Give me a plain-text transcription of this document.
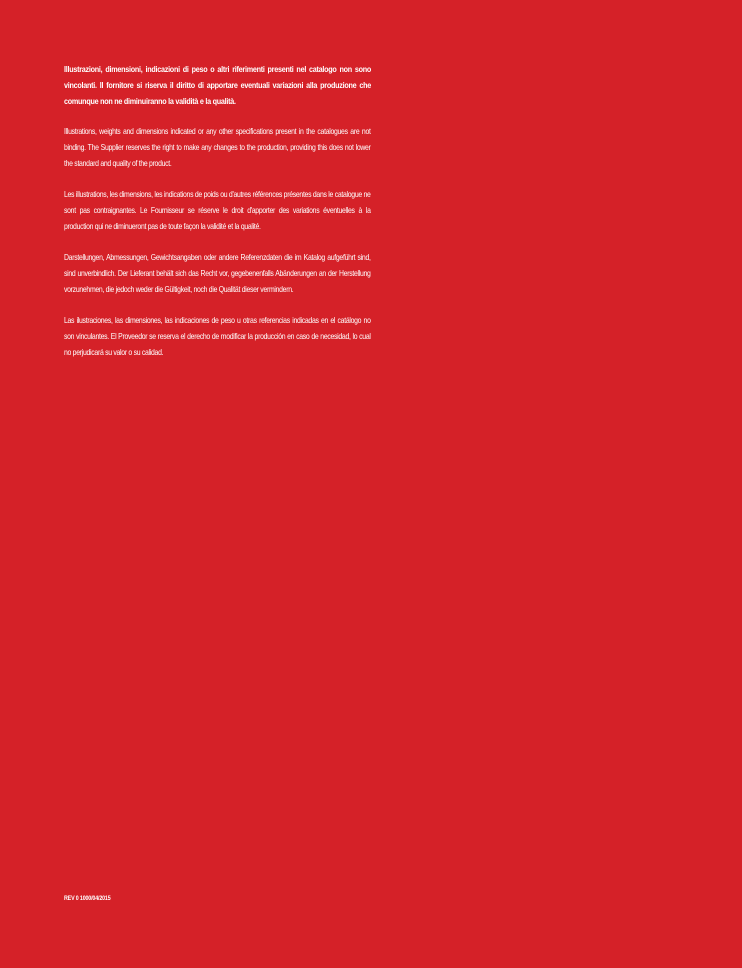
Illustrazioni, dimensioni, indicazioni di peso o altri riferimenti presenti nel catalogo non sono vincolanti. Il fornitore si riserva il diritto di apportare eventuali variazioni alla produzione che comunque non ne diminuiranno la validità e la qualità.

Illustrations, weights and dimensions indicated or any other specifications present in the catalogues are not binding. The Supplier reserves the right to make any changes to the production, providing this does not lower the standard and quality of the product.

Les illustrations, les dimensions, les indications de poids ou d'autres références présentes dans le catalogue ne sont pas contraignantes. Le Fournisseur se réserve le droit d'apporter des variations éventuelles à la production qui ne diminueront pas de toute façon la validité et la qualité.

Darstellungen, Abmessungen, Gewichtsangaben oder andere Referenzdaten die im Katalog aufgeführt sind, sind unverbindlich. Der Lieferant behält sich das Recht vor, gegebenenfalls Abänderungen an der Herstellung vorzunehmen, die jedoch weder die Gültigkeit, noch die Qualität dieser vermindern.

Las ilustraciones, las dimensiones, las indicaciones de peso u otras referencias indicadas en el catálogo no son vinculantes. El Proveedor se reserva el derecho de modificar la producción en caso de necesidad, lo cual no perjudicará su valor o su calidad.

REV 0 1000/04/2015
